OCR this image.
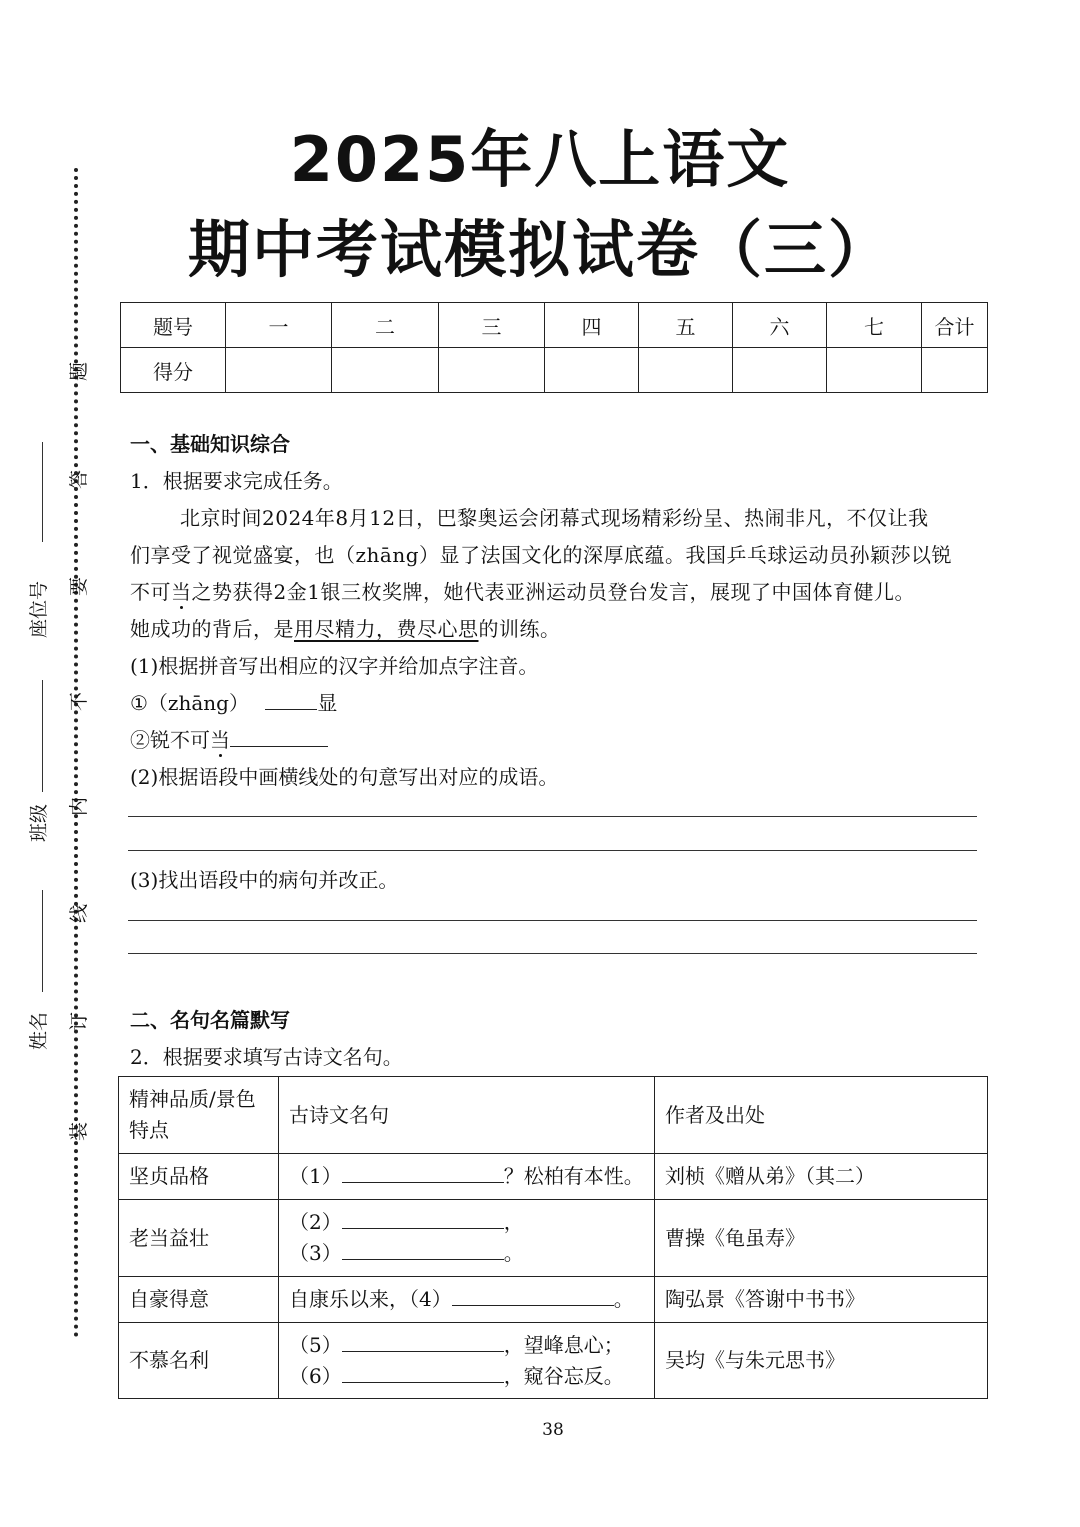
2025年八上语文
期中考试模拟试卷（三）
题
答
要
不
内
线
订
装
座位号
班级
姓名
题号	一	二	三	四	五	六	七	合计
得分								
一、基础知识综合
1．根据要求完成任务。
北京时间2024年8月12日，巴黎奥运会闭幕式现场精彩纷呈、热闹非凡，不仅让我
们享受了视觉盛宴，也（zhāng）显了法国文化的深厚底蕴。我国乒乓球运动员孙颖莎以锐
不可当之势获得2金1银三枚奖牌，她代表亚洲运动员登台发言，展现了中国体育健儿。
她成功的背后，是用尽精力，费尽心思的训练。
(1)根据拼音写出相应的汉字并给加点字注音。
①（zhāng）	显
②锐不可当
(2)根据语段中画横线处的句意写出对应的成语。
(3)找出语段中的病句并改正。
二、名句名篇默写
2．根据要求填写古诗文名句。
精神品质/景色特点	古诗文名句	作者及出处
坚贞品格	（1） ？松柏有本性。	刘桢《赠从弟》（其二）
老当益壮	（2） ，
（3） 。	曹操《龟虽寿》
自豪得意	自康乐以来，（4） 。	陶弘景《答谢中书书》
不慕名利	（5） ，望峰息心；
（6） ，窥谷忘反。	吴均《与朱元思书》
38
